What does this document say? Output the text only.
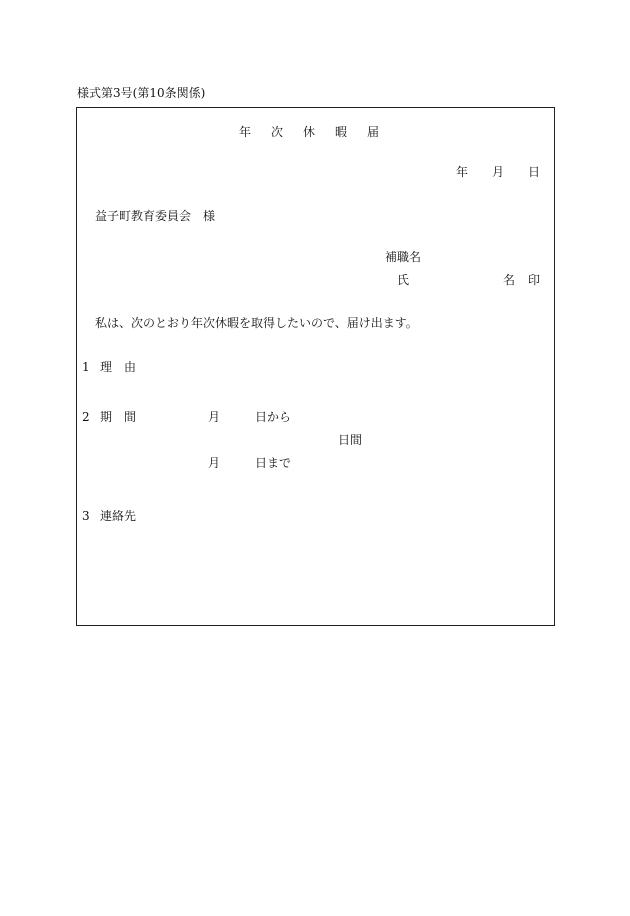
様式第3号(第10条関係)
年次休暇届
年 月 日
益子町教育委員会　様
補職名
氏	名 印
私は、次のとおり年次休暇を取得したいので、届け出ます。
1 理　由
2 期　間	月	日から
日間
月	日まで
3 連絡先
